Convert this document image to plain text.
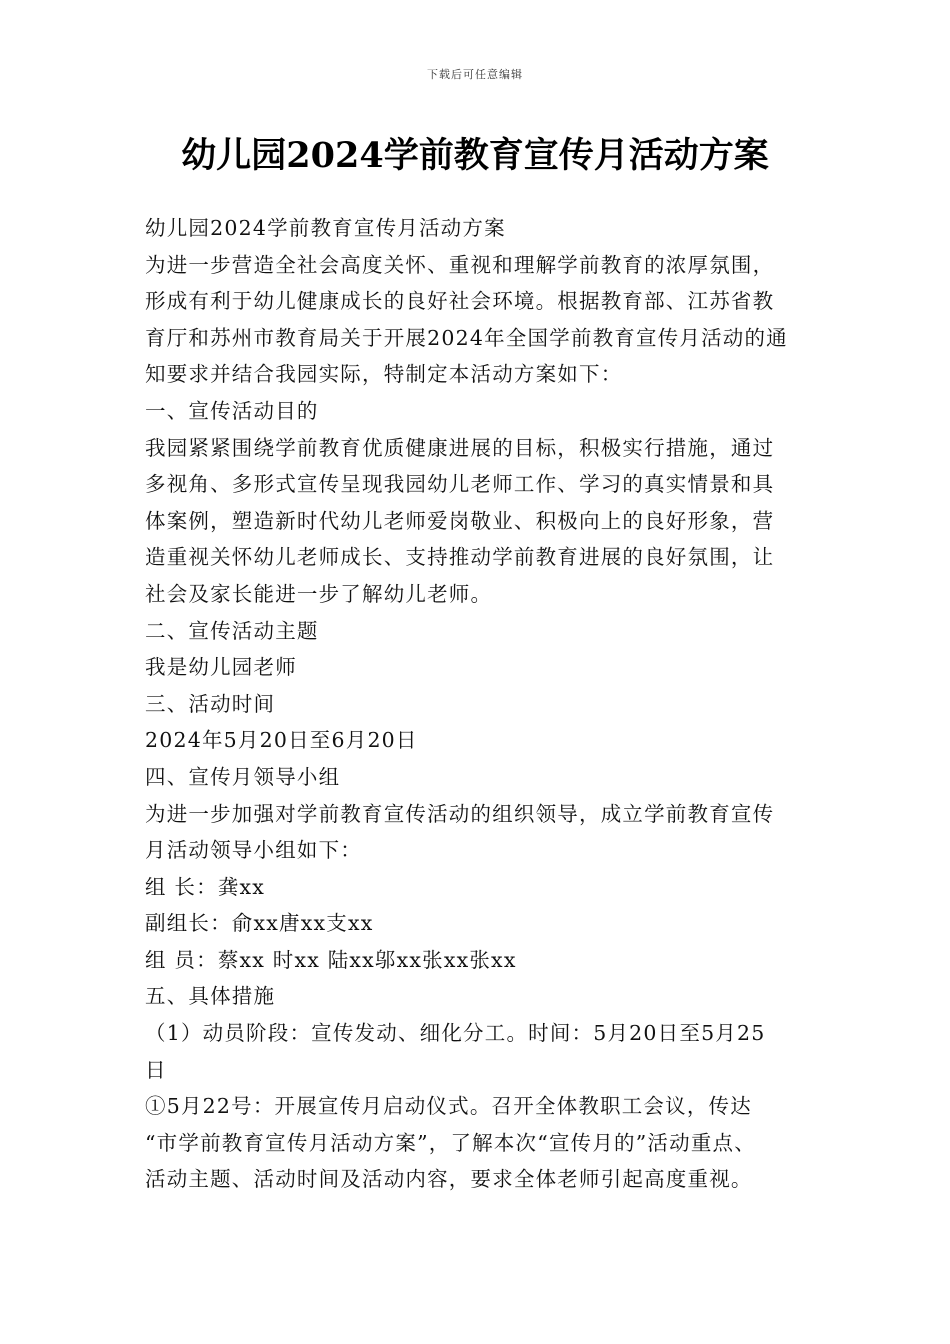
下载后可任意编辑
幼儿园2024学前教育宣传月活动方案
幼儿园2024学前教育宣传月活动方案
为进一步营造全社会高度关怀、重视和理解学前教育的浓厚氛围，
形成有利于幼儿健康成长的良好社会环境。根据教育部、江苏省教
育厅和苏州市教育局关于开展2024年全国学前教育宣传月活动的通
知要求并结合我园实际，特制定本活动方案如下：
一、宣传活动目的
我园紧紧围绕学前教育优质健康进展的目标，积极实行措施，通过
多视角、多形式宣传呈现我园幼儿老师工作、学习的真实情景和具
体案例，塑造新时代幼儿老师爱岗敬业、积极向上的良好形象，营
造重视关怀幼儿老师成长、支持推动学前教育进展的良好氛围，让
社会及家长能进一步了解幼儿老师。
二、宣传活动主题
我是幼儿园老师
三、活动时间
2024年5月20日至6月20日
四、宣传月领导小组
为进一步加强对学前教育宣传活动的组织领导，成立学前教育宣传
月活动领导小组如下：
组 长：龚xx
副组长：俞xx唐xx支xx
组 员：蔡xx 时xx 陆xx邬xx张xx张xx
五、具体措施
（1）动员阶段：宣传发动、细化分工。时间：5月20日至5月25
日
①5月22号：开展宣传月启动仪式。召开全体教职工会议，传达
“市学前教育宣传月活动方案”，了解本次“宣传月的”活动重点、
活动主题、活动时间及活动内容，要求全体老师引起高度重视。
